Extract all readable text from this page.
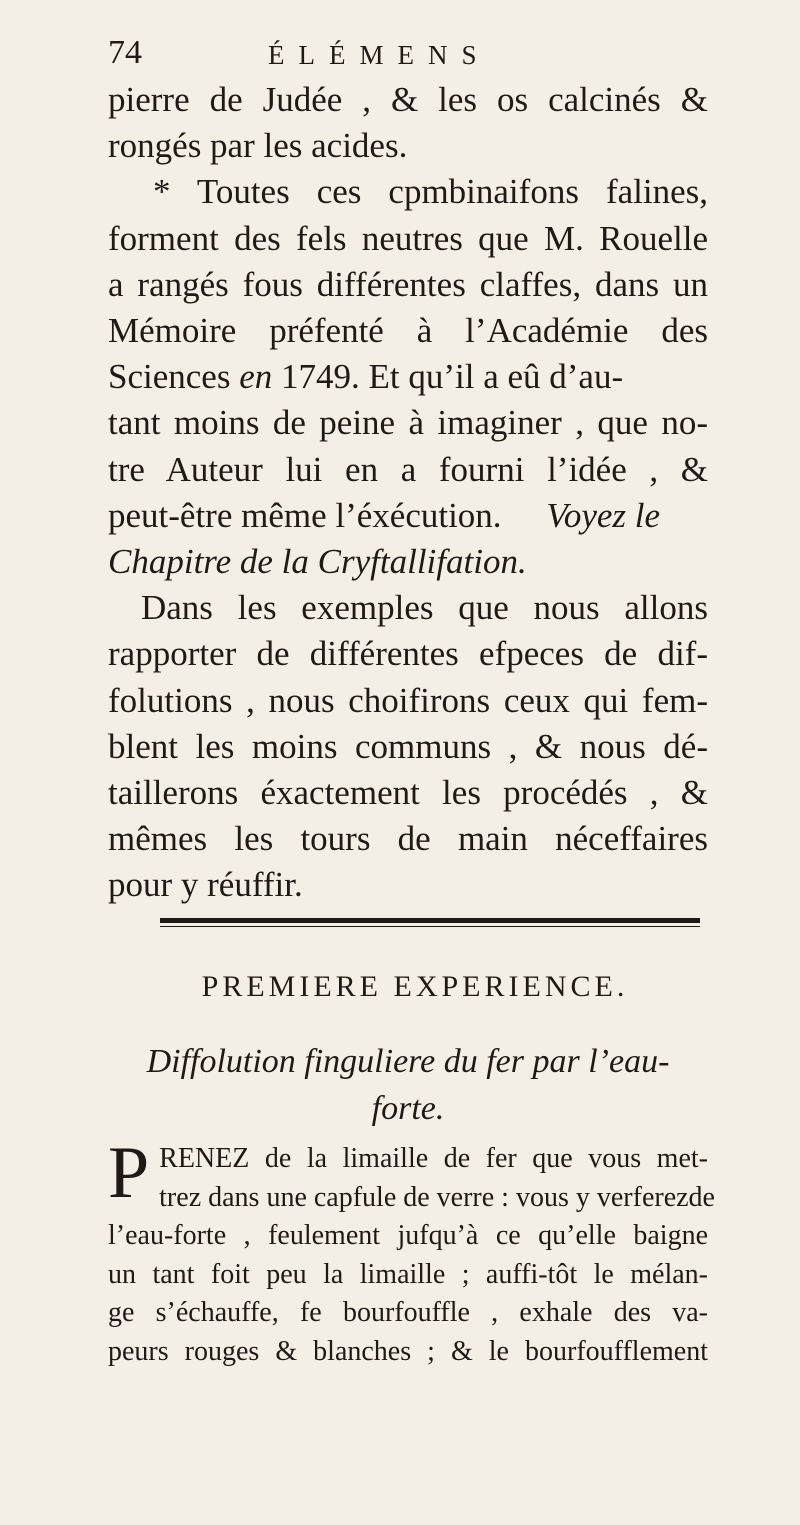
74	ÉLÉMENS
pierre de Judée , & les os calcinés &
rongés par les acides.
* Toutes ces cpmbinaifons falines,
forment des fels neutres que M. Rouelle
a rangés fous différentes claffes, dans un
Mémoire préfenté à l’Académie des
Sciences en 1749. Et qu’il a eû d’au-
tant moins de peine à imaginer , que no-
tre Auteur lui en a fourni l’idée , &
peut-être même l’éxécution. Voyez le
Chapitre de la Cryftallifation.
Dans les exemples que nous allons
rapporter de différentes efpeces de dif-
folutions , nous choifirons ceux qui fem-
blent les moins communs , & nous dé-
taillerons éxactement les procédés , &
mêmes les tours de main néceffaires
pour y réuffir.
PREMIERE EXPERIENCE.
Diffolution finguliere du fer par l’eau-
forte.
P RENEZ de la limaille de fer que vous met-
trez dans une capfule de verre : vous y verferezde
l’eau-forte , feulement jufqu’à ce qu’elle baigne
un tant foit peu la limaille ; auffi-tôt le mélan-
ge s’échauffe, fe bourfouffle , exhale des va-
peurs rouges & blanches ; & le bourfoufflement
